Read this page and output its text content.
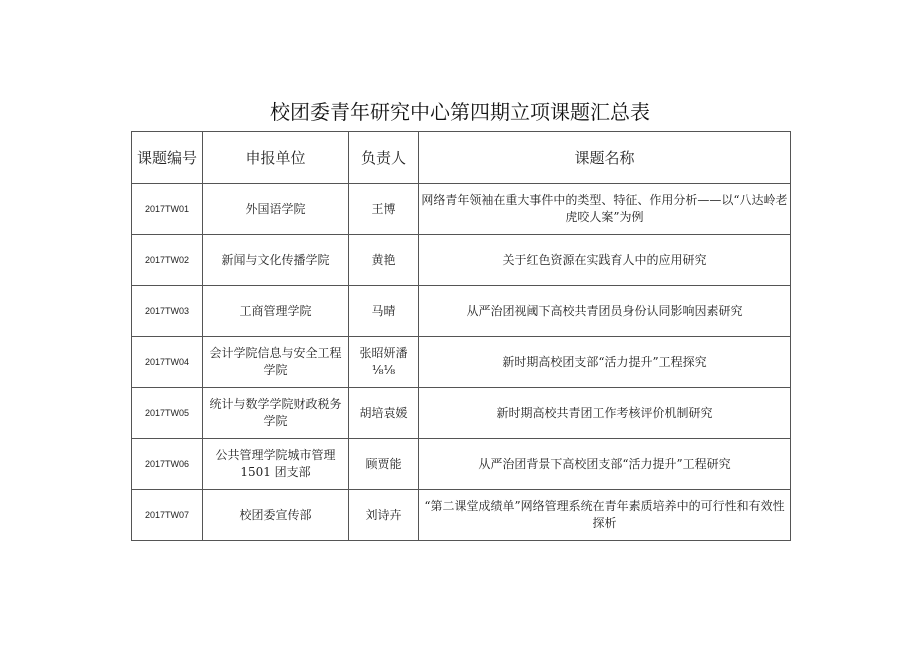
校团委青年研究中心第四期立项课题汇总表
课题编号	申报单位	负责人	课题名称
2017TW01	外国语学院	王博	网络青年领袖在重大事件中的类型、特征、作用分析——以“八达岭老虎咬人案”为例
2017TW02	新闻与文化传播学院	黄艳	关于红色资源在实践育人中的应用研究
2017TW03	工商管理学院	马晴	从严治团视阈下高校共青团员身份认同影响因素研究
2017TW04	会计学院信息与安全工程学院	张昭妍潘⅛⅛	新时期高校团支部“活力提升”工程探究
2017TW05	统计与数学学院财政税务学院	胡培袁媛	新时期高校共青团工作考核评价机制研究
2017TW06	公共管理学院城市管理 1501 团支部	顾贾能	从严治团背景下高校团支部“活力提升”工程研究
2017TW07	校团委宣传部	刘诗卉	“第二课堂成绩单”网络管理系统在青年素质培养中的可行性和有效性探析
